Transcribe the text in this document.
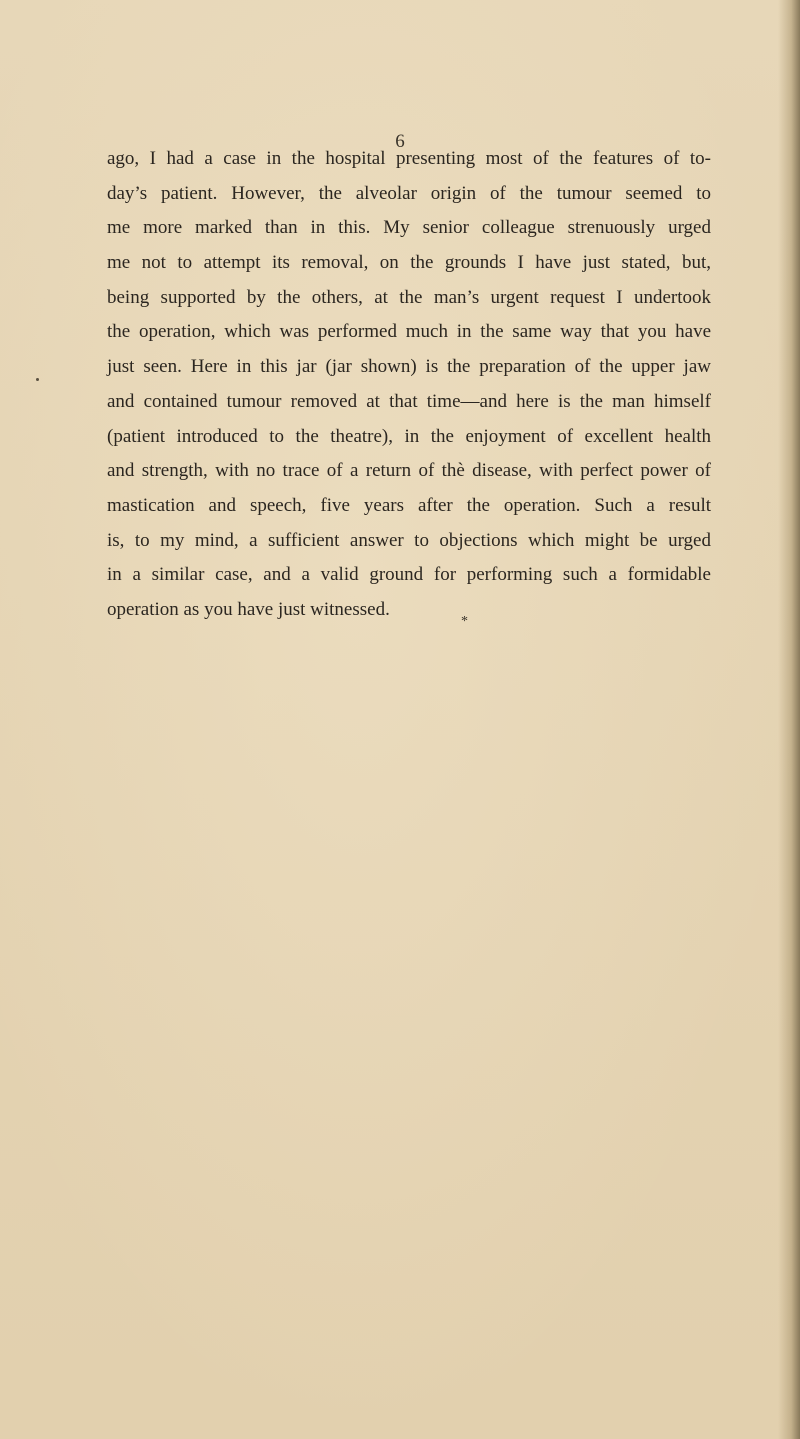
6
ago, I had a case in the hospital presenting most of the features of to-
day’s patient. However, the alveolar origin of the tumour seemed to
me more marked than in this. My senior colleague strenuously urged
me not to attempt its removal, on the grounds I have just stated, but,
being supported by the others, at the man’s urgent request I undertook
the operation, which was performed much in the same way that you have
just seen. Here in this jar (jar shown) is the preparation of the upper jaw
and contained tumour removed at that time—and here is the man himself
(patient introduced to the theatre), in the enjoyment of excellent health
and strength, with no trace of a return of thè disease, with perfect power of
mastication and speech, five years after the operation. Such a result
is, to my mind, a sufficient answer to objections which might be urged
in a similar case, and a valid ground for performing such a formidable
operation as you have just witnessed.
*
